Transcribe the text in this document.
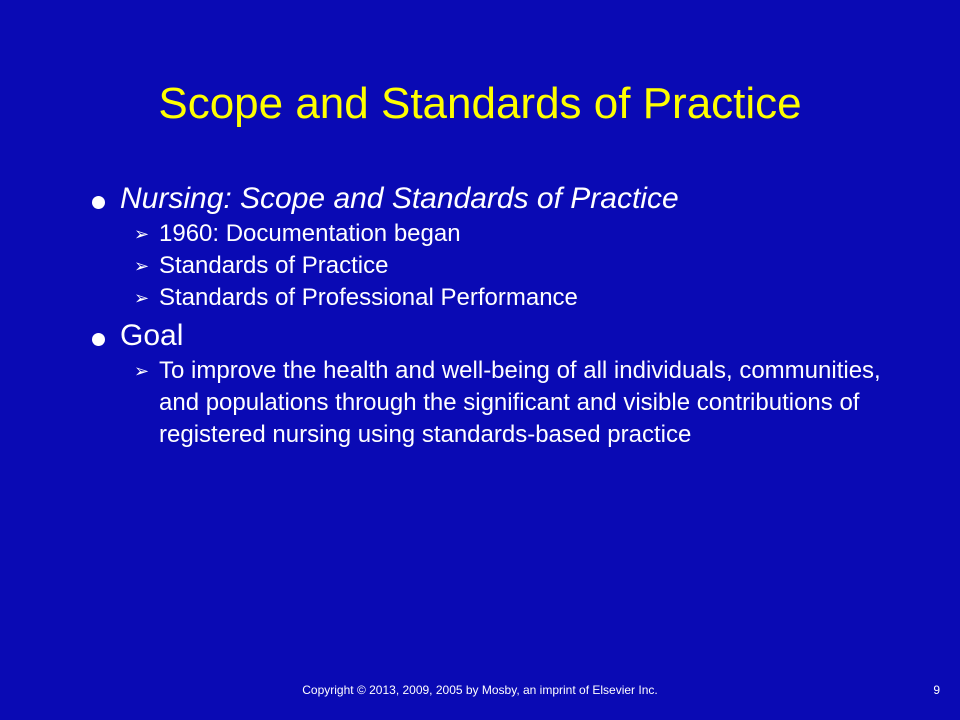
Scope and Standards of Practice
Nursing: Scope and Standards of Practice
➢ 1960: Documentation began
➢ Standards of Practice
➢ Standards of Professional Performance
Goal
➢ To improve the health and well-being of all individuals, communities, and populations through the significant and visible contributions of registered nursing using standards-based practice
Copyright © 2013, 2009, 2005 by Mosby, an imprint of Elsevier Inc.	9
